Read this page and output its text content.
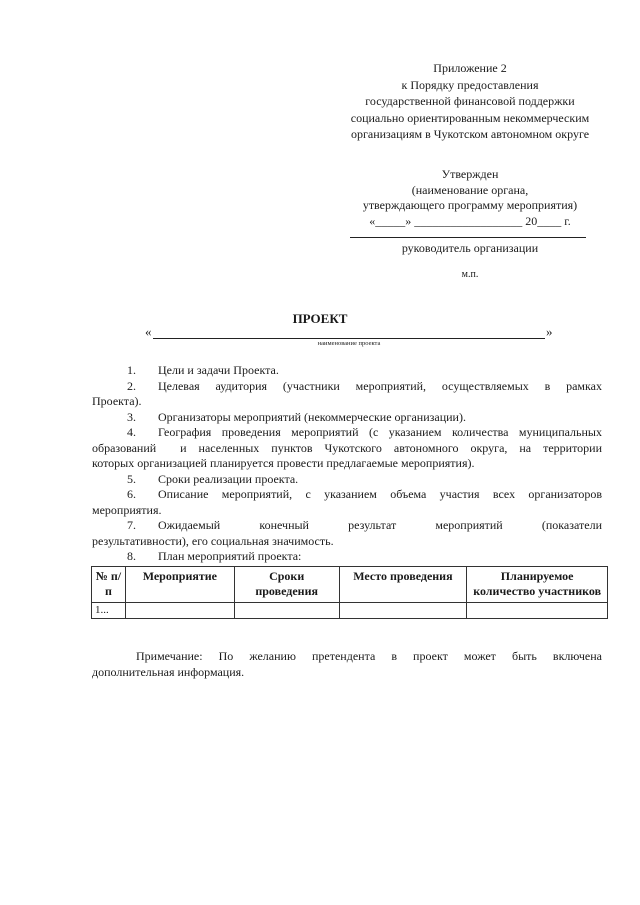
Приложение 2
к Порядку предоставления
государственной финансовой поддержки
социально ориентированным некоммерческим
организациям в Чукотском автономном округе
Утвержден
(наименование органа,
утверждающего программу мероприятия)
«_____» __________________ 20____ г.
руководитель организации
м.п.
ПРОЕКТ
«	»
наименование проекта
1.	Цели и задачи Проекта.
2.	Целевая аудитория (участники мероприятий, осуществляемых в рамках
Проекта).
3.	Организаторы мероприятий (некоммерческие организации).
4.	География проведения мероприятий (с указанием количества муниципальных
образований  и населенных пунктов Чукотского автономного округа, на территории
которых организацией планируется провести предлагаемые мероприятия).
5.	Сроки реализации проекта.
6.	Описание мероприятий, с указанием объема участия всех организаторов
мероприятия.
7.	Ожидаемый конечный результат мероприятий (показатели
результативности), его социальная значимость.
8.	План мероприятий проекта:
№ п/п	Мероприятие	Сроки проведения	Место проведения	Планируемое количество участников
1...				
Примечание: По желанию претендента в проект может быть включена
дополнительная информация.
